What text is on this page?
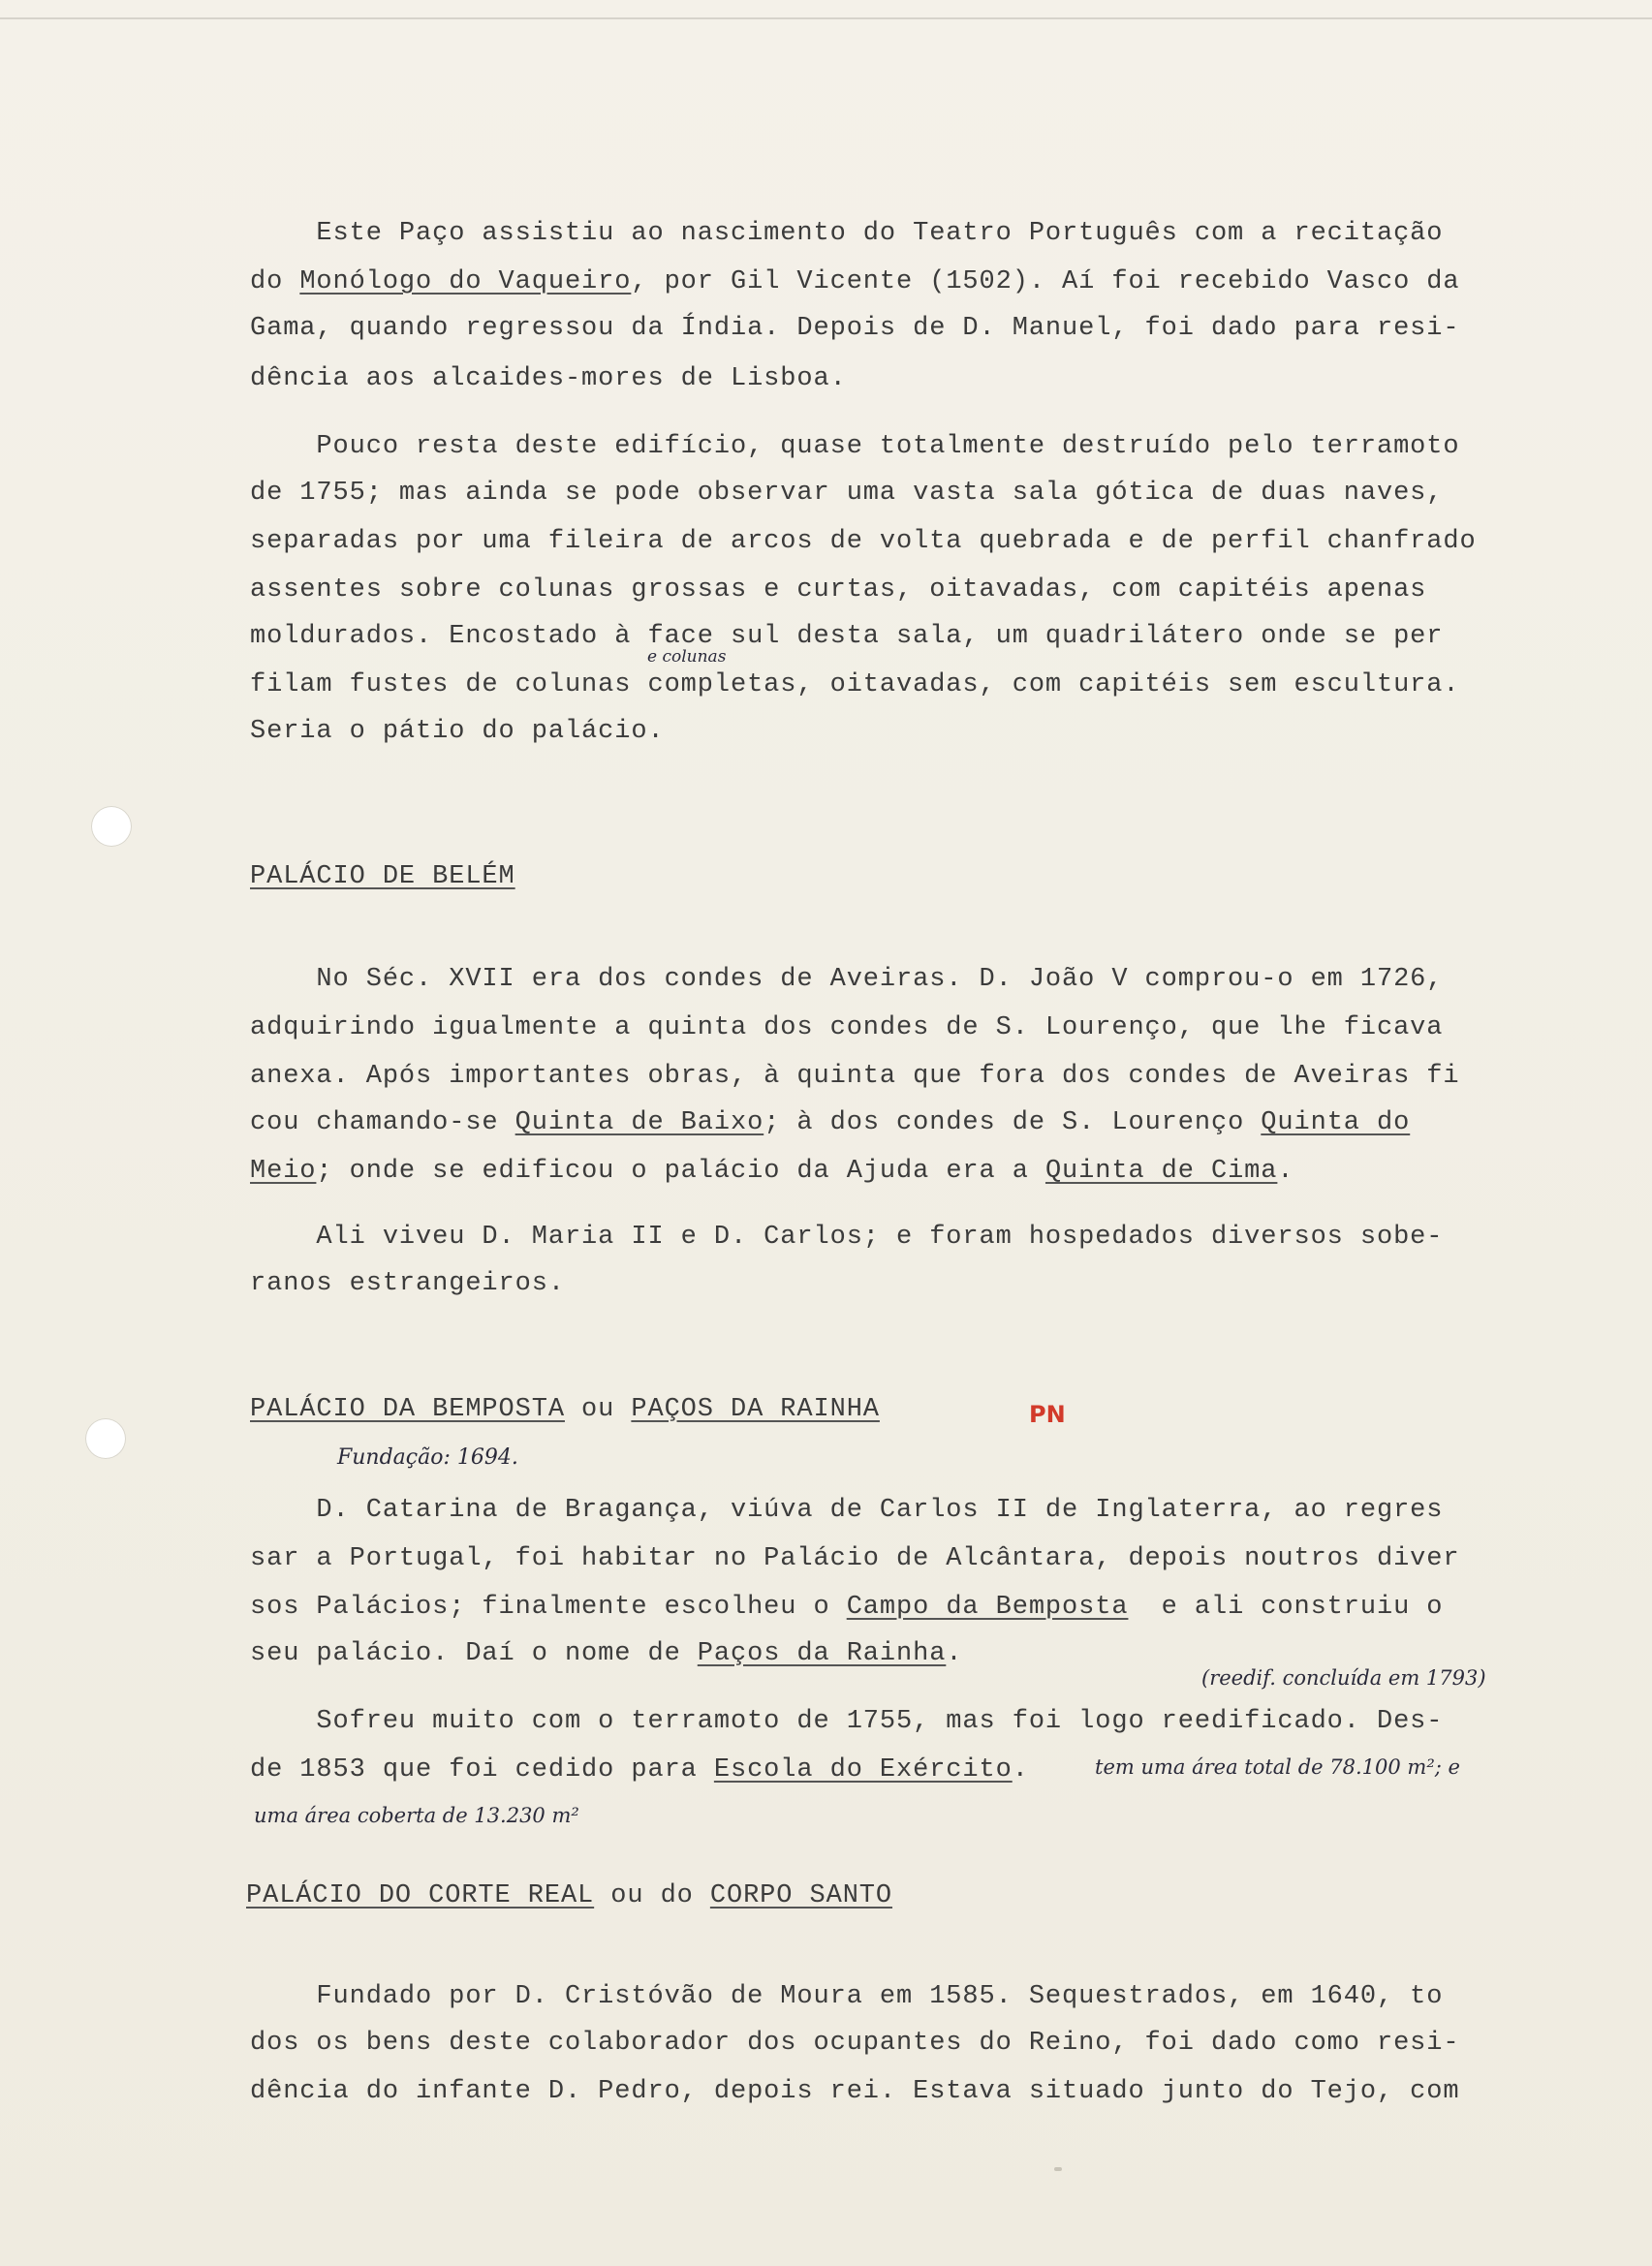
Este Paço assistiu ao nascimento do Teatro Português com a recitação

do Monólogo do Vaqueiro, por Gil Vicente (1502). Aí foi recebido Vasco da

Gama, quando regressou da Índia. Depois de D. Manuel, foi dado para resi-

dência aos alcaides-mores de Lisboa.

Pouco resta deste edifício, quase totalmente destruído pelo terramoto

de 1755; mas ainda se pode observar uma vasta sala gótica de duas naves,

separadas por uma fileira de arcos de volta quebrada e de perfil chanfrado

assentes sobre colunas grossas e curtas, oitavadas, com capitéis apenas

moldurados. Encostado à face sul desta sala, um quadrilátero onde se per

e colunas

filam fustes de colunas completas, oitavadas, com capitéis sem escultura.

Seria o pátio do palácio.

PALÁCIO DE BELÉM

No Séc. XVII era dos condes de Aveiras. D. João V comprou-o em 1726,

adquirindo igualmente a quinta dos condes de S. Lourenço, que lhe ficava

anexa. Após importantes obras, à quinta que fora dos condes de Aveiras fi

cou chamando-se Quinta de Baixo; à dos condes de S. Lourenço Quinta do

Meio; onde se edificou o palácio da Ajuda era a Quinta de Cima.

Ali viveu D. Maria II e D. Carlos; e foram hospedados diversos sobe-

ranos estrangeiros.

PALÁCIO DA BEMPOSTA ou PAÇOS DA RAINHA	PN
Fundação: 1694.

D. Catarina de Bragança, viúva de Carlos II de Inglaterra, ao regres

sar a Portugal, foi habitar no Palácio de Alcântara, depois noutros diver

sos Palácios; finalmente escolheu o Campo da Bemposta  e ali construiu o

seu palácio. Daí o nome de Paços da Rainha.

(reedif. concluída em 1793)

Sofreu muito com o terramoto de 1755, mas foi logo reedificado. Des-

de 1853 que foi cedido para Escola do Exército.	tem uma área total de 78.100 m²; e
uma área coberta de 13.230 m²

PALÁCIO DO CORTE REAL ou do CORPO SANTO

Fundado por D. Cristóvão de Moura em 1585. Sequestrados, em 1640, to

dos os bens deste colaborador dos ocupantes do Reino, foi dado como resi-

dência do infante D. Pedro, depois rei. Estava situado junto do Tejo, com
